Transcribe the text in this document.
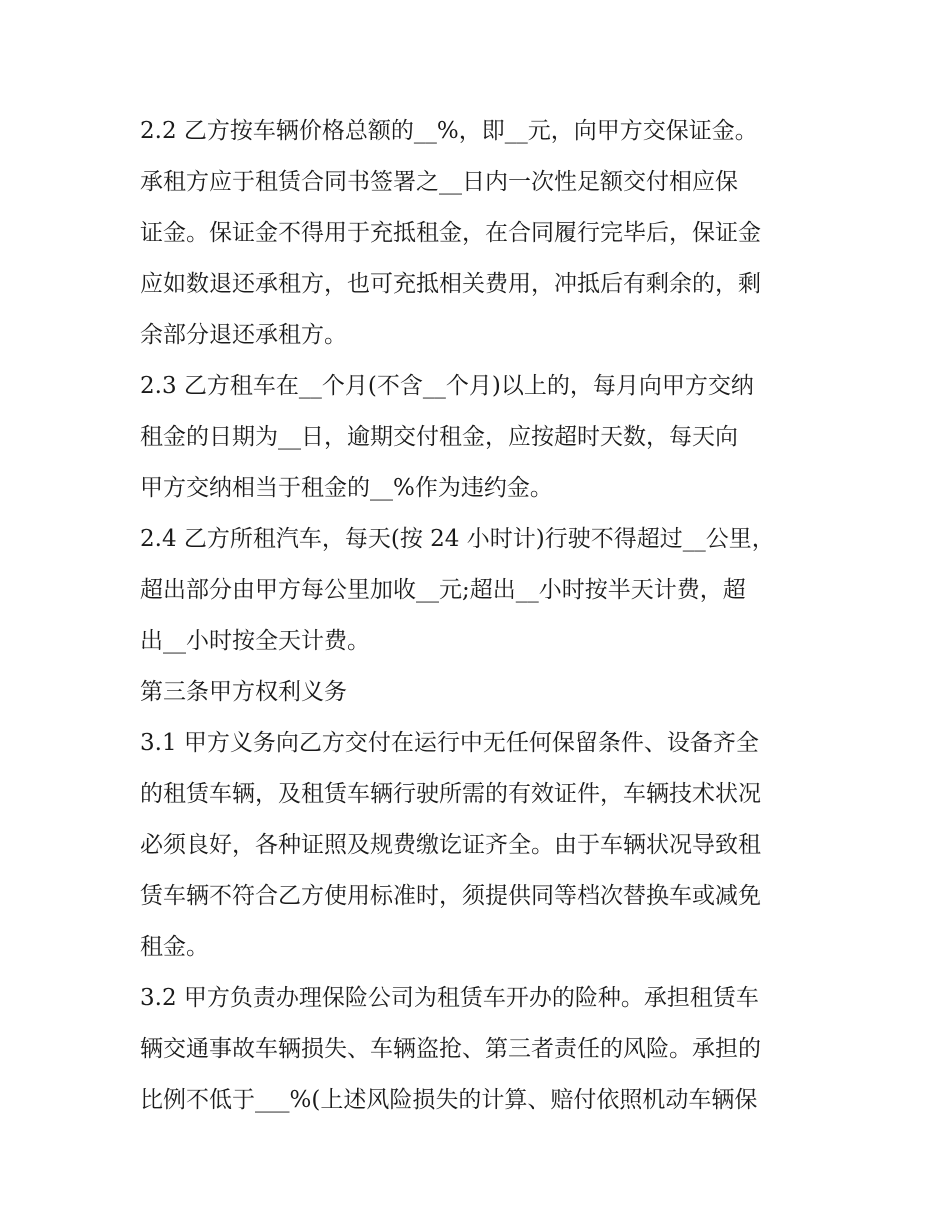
2.2 乙方按车辆价格总额的__%，即__元，向甲方交保证金。
承租方应于租赁合同书签署之__日内一次性足额交付相应保
证金。保证金不得用于充抵租金，在合同履行完毕后，保证金
应如数退还承租方，也可充抵相关费用，冲抵后有剩余的，剩
余部分退还承租方。
2.3 乙方租车在__个月(不含__个月)以上的，每月向甲方交纳
租金的日期为__日，逾期交付租金，应按超时天数，每天向
甲方交纳相当于租金的__%作为违约金。
2.4 乙方所租汽车，每天(按 24 小时计)行驶不得超过__公里，
超出部分由甲方每公里加收__元;超出__小时按半天计费，超
出__小时按全天计费。
第三条甲方权利义务
3.1 甲方义务向乙方交付在运行中无任何保留条件、设备齐全
的租赁车辆，及租赁车辆行驶所需的有效证件，车辆技术状况
必须良好，各种证照及规费缴讫证齐全。由于车辆状况导致租
赁车辆不符合乙方使用标准时，须提供同等档次替换车或减免
租金。
3.2 甲方负责办理保险公司为租赁车开办的险种。承担租赁车
辆交通事故车辆损失、车辆盗抢、第三者责任的风险。承担的
比例不低于___%(上述风险损失的计算、赔付依照机动车辆保
